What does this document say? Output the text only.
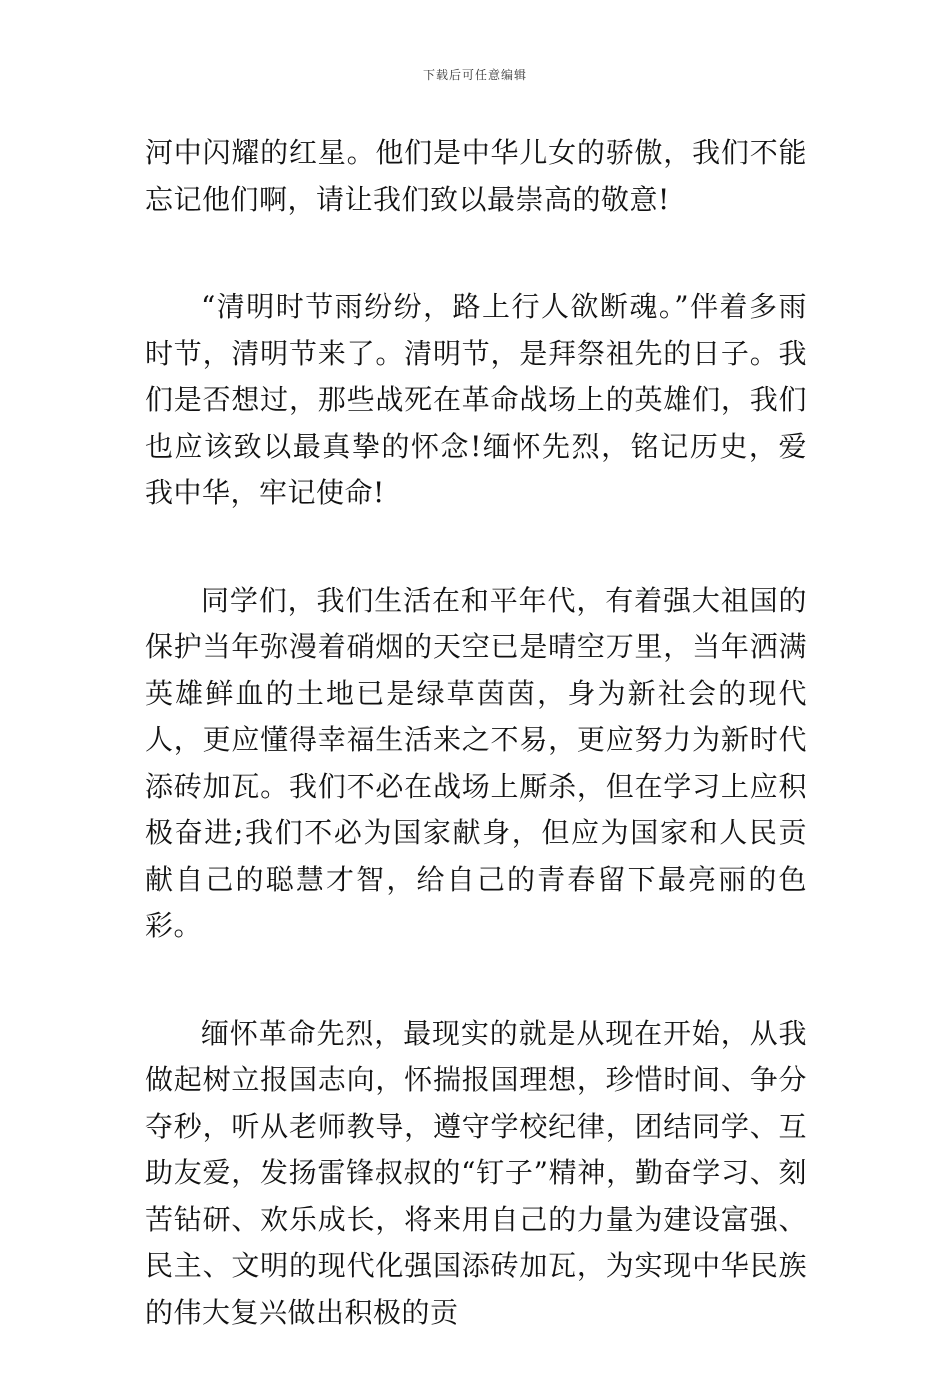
下载后可任意编辑

河中闪耀的红星。他们是中华儿女的骄傲，我们不能忘记他们啊，请让我们致以最崇高的敬意!

“清明时节雨纷纷，路上行人欲断魂。”伴着多雨时节，清明节来了。清明节，是拜祭祖先的日子。我们是否想过，那些战死在革命战场上的英雄们，我们也应该致以最真挚的怀念!缅怀先烈，铭记历史，爱我中华，牢记使命!

同学们，我们生活在和平年代，有着强大祖国的保护当年弥漫着硝烟的天空已是晴空万里，当年洒满英雄鲜血的土地已是绿草茵茵，身为新社会的现代人，更应懂得幸福生活来之不易，更应努力为新时代添砖加瓦。我们不必在战场上厮杀，但在学习上应积极奋进;我们不必为国家献身，但应为国家和人民贡献自己的聪慧才智，给自己的青春留下最亮丽的色彩。

缅怀革命先烈，最现实的就是从现在开始，从我做起树立报国志向，怀揣报国理想，珍惜时间、争分夺秒，听从老师教导，遵守学校纪律，团结同学、互助友爱，发扬雷锋叔叔的“钉子”精神，勤奋学习、刻苦钻研、欢乐成长，将来用自己的力量为建设富强、民主、文明的现代化强国添砖加瓦，为实现中华民族的伟大复兴做出积极的贡
